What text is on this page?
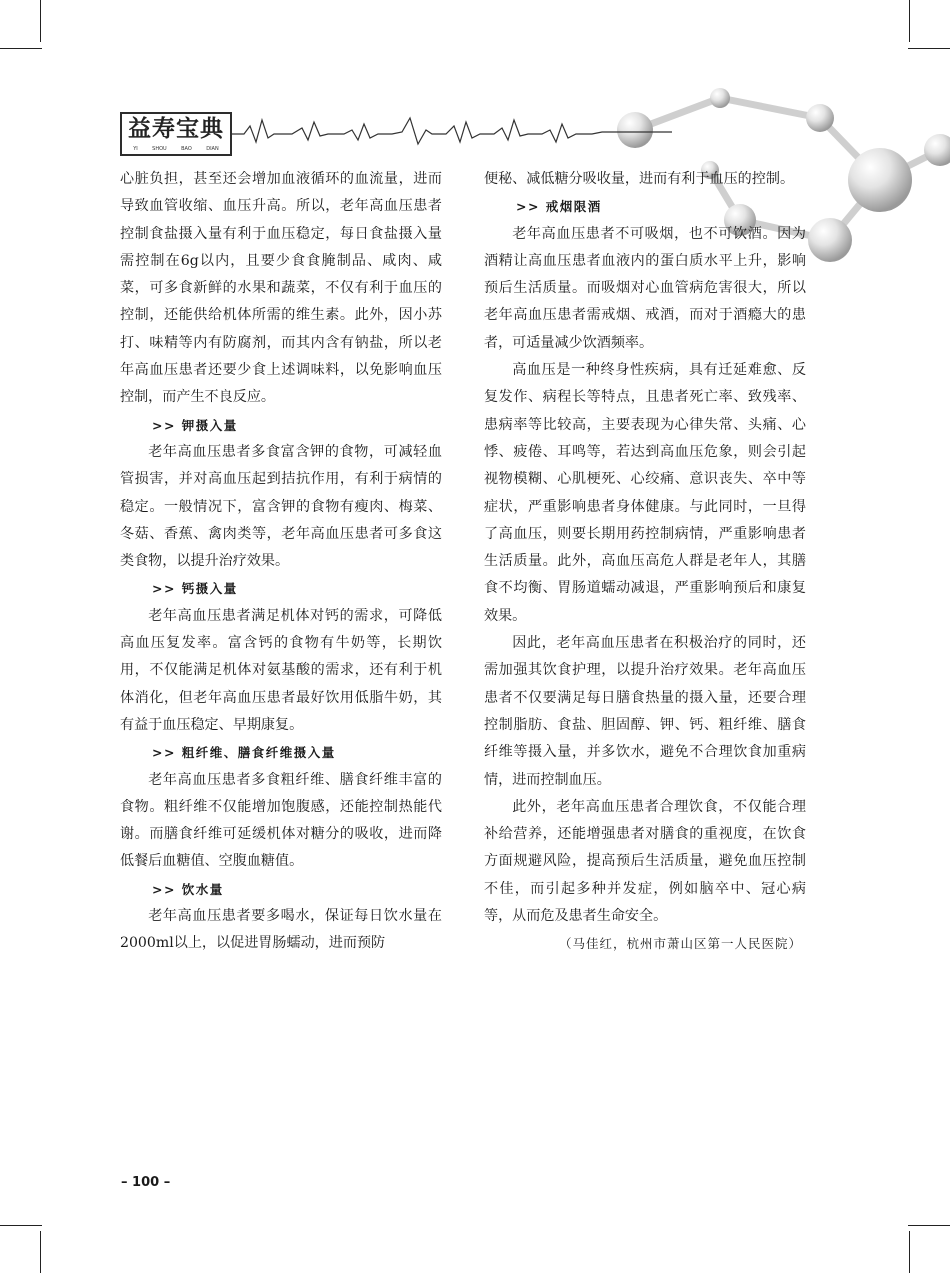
益寿宝典
YI	SHOU	BAO	DIAN

心脏负担，甚至还会增加血液循环的血流量，进而导致血管收缩、血压升高。所以，老年高血压患者控制食盐摄入量有利于血压稳定，每日食盐摄入量需控制在6g以内，且要少食食腌制品、咸肉、咸菜，可多食新鲜的水果和蔬菜，不仅有利于血压的控制，还能供给机体所需的维生素。此外，因小苏打、味精等内有防腐剂，而其内含有钠盐，所以老年高血压患者还要少食上述调味料，以免影响血压控制，而产生不良反应。

>> 钾摄入量

老年高血压患者多食富含钾的食物，可减轻血管损害，并对高血压起到拮抗作用，有利于病情的稳定。一般情况下，富含钾的食物有瘦肉、梅菜、冬菇、香蕉、禽肉类等，老年高血压患者可多食这类食物，以提升治疗效果。

>> 钙摄入量

老年高血压患者满足机体对钙的需求，可降低高血压复发率。富含钙的食物有牛奶等，长期饮用，不仅能满足机体对氨基酸的需求，还有利于机体消化，但老年高血压患者最好饮用低脂牛奶，其有益于血压稳定、早期康复。

>> 粗纤维、膳食纤维摄入量

老年高血压患者多食粗纤维、膳食纤维丰富的食物。粗纤维不仅能增加饱腹感，还能控制热能代谢。而膳食纤维可延缓机体对糖分的吸收，进而降低餐后血糖值、空腹血糖值。

>> 饮水量

老年高血压患者要多喝水，保证每日饮水量在2000ml以上，以促进胃肠蠕动，进而预防

便秘、减低糖分吸收量，进而有利于血压的控制。

>> 戒烟限酒

老年高血压患者不可吸烟，也不可饮酒。因为酒精让高血压患者血液内的蛋白质水平上升，影响预后生活质量。而吸烟对心血管病危害很大，所以老年高血压患者需戒烟、戒酒，而对于酒瘾大的患者，可适量减少饮酒频率。

高血压是一种终身性疾病，具有迁延难愈、反复发作、病程长等特点，且患者死亡率、致残率、患病率等比较高，主要表现为心律失常、头痛、心悸、疲倦、耳鸣等，若达到高血压危象，则会引起视物模糊、心肌梗死、心绞痛、意识丧失、卒中等症状，严重影响患者身体健康。与此同时，一旦得了高血压，则要长期用药控制病情，严重影响患者生活质量。此外，高血压高危人群是老年人，其膳食不均衡、胃肠道蠕动减退，严重影响预后和康复效果。

因此，老年高血压患者在积极治疗的同时，还需加强其饮食护理，以提升治疗效果。老年高血压患者不仅要满足每日膳食热量的摄入量，还要合理控制脂肪、食盐、胆固醇、钾、钙、粗纤维、膳食纤维等摄入量，并多饮水，避免不合理饮食加重病情，进而控制血压。

此外，老年高血压患者合理饮食，不仅能合理补给营养，还能增强患者对膳食的重视度，在饮食方面规避风险，提高预后生活质量，避免血压控制不佳，而引起多种并发症，例如脑卒中、冠心病等，从而危及患者生命安全。

（马佳红，杭州市萧山区第一人民医院）

– 100 –
